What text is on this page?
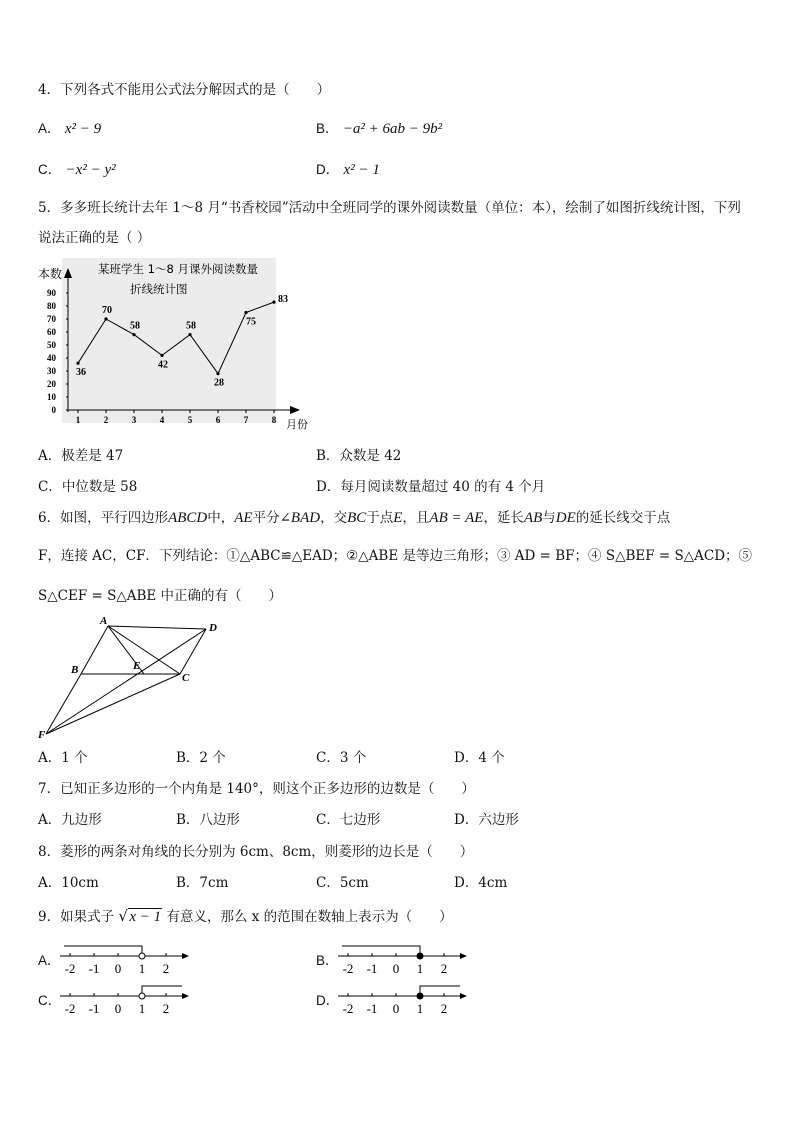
4．下列各式不能用公式法分解因式的是（　　）
A． x² − 9	B． −a² + 6ab − 9b²
C． −x² − y²	D． x² − 1
5．多多班长统计去年 1～8 月“书香校园”活动中全班同学的课外阅读数量（单位：本），绘制了如图折线统计图，下列
说法正确的是（ ）
0
10
20
30
40
50
60
70
80
90
1	2	3	4	5	6	7	8
本数
月份
某班学生 1～8 月课外阅读数量
折线统计图
36
70
58
42
58
28
75
83
A．极差是 47	B．众数是 42
C．中位数是 58	D．每月阅读数量超过 40 的有 4 个月
6．如图，平行四边形ABCD中，AE平分∠BAD，交BC于点E，且AB = AE，延长AB与DE的延长线交于点
F，连接 AC，CF．下列结论：①△ABC≌△EAD；②△ABE 是等边三角形；③ AD = BF；④ S△BEF = S△ACD；⑤
S△CEF = S△ABE 中正确的有（　　）
A
D
B	E
C
F
A．1 个	B．2 个	C．3 个	D．4 个
7．已知正多边形的一个内角是 140°，则这个正多边形的边数是（　　）
A．九边形	B．八边形	C．七边形	D．六边形
8．菱形的两条对角线的长分别为 6cm、8cm，则菱形的边长是（　　）
A．10cm	B．7cm	C．5cm	D．4cm
9．如果式子 √ x − 1 有意义，那么 x 的范围在数轴上表示为（　　）
A．	B．
C．	D．
-2 -1 0 1 2	-2 -1 0 1 2
-2 -1 0 1 2	-2 -1 0 1 2
